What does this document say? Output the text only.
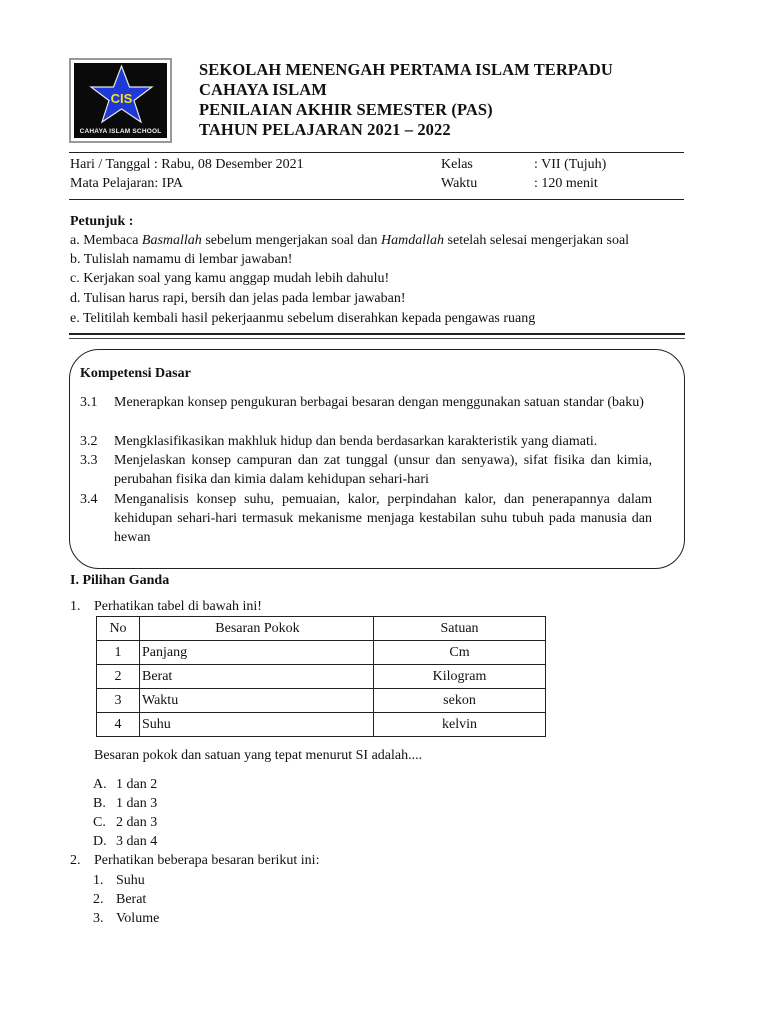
CIS
CAHAYA ISLAM SCHOOL
SEKOLAH MENENGAH PERTAMA ISLAM TERPADU
CAHAYA ISLAM
PENILAIAN AKHIR SEMESTER (PAS)
TAHUN PELAJARAN 2021 – 2022
Hari / Tanggal : Rabu, 08 Desember 2021
Mata Pelajaran: IPA
Kelas	: VII (Tujuh)
Waktu	: 120 menit
Petunjuk :
a. Membaca Basmallah sebelum mengerjakan soal dan Hamdallah setelah selesai mengerjakan soal
b. Tulislah namamu di lembar jawaban!
c. Kerjakan soal yang kamu anggap mudah lebih dahulu!
d. Tulisan harus rapi, bersih dan jelas pada lembar jawaban!
e. Telitilah kembali hasil pekerjaanmu sebelum diserahkan kepada pengawas ruang
Kompetensi Dasar
3.1	Menerapkan konsep pengukuran berbagai besaran dengan menggunakan satuan standar (baku)
3.2	Mengklasifikasikan makhluk hidup dan benda berdasarkan karakteristik yang diamati.
3.3	Menjelaskan konsep campuran dan zat tunggal (unsur dan senyawa), sifat fisika dan kimia, perubahan fisika dan kimia dalam kehidupan sehari-hari
3.4	Menganalisis konsep suhu, pemuaian, kalor, perpindahan kalor, dan penerapannya dalam kehidupan sehari-hari termasuk mekanisme menjaga kestabilan suhu tubuh pada manusia dan hewan
I. Pilihan Ganda
1. Perhatikan tabel di bawah ini!
No	Besaran Pokok	Satuan
1	Panjang	Cm
2	Berat	Kilogram
3	Waktu	sekon
4	Suhu	kelvin
Besaran pokok dan satuan yang tepat menurut SI adalah....
A. 1 dan 2
B. 1 dan 3
C. 2 dan 3
D. 3 dan 4
2. Perhatikan beberapa besaran berikut ini:
1. Suhu
2. Berat
3. Volume
